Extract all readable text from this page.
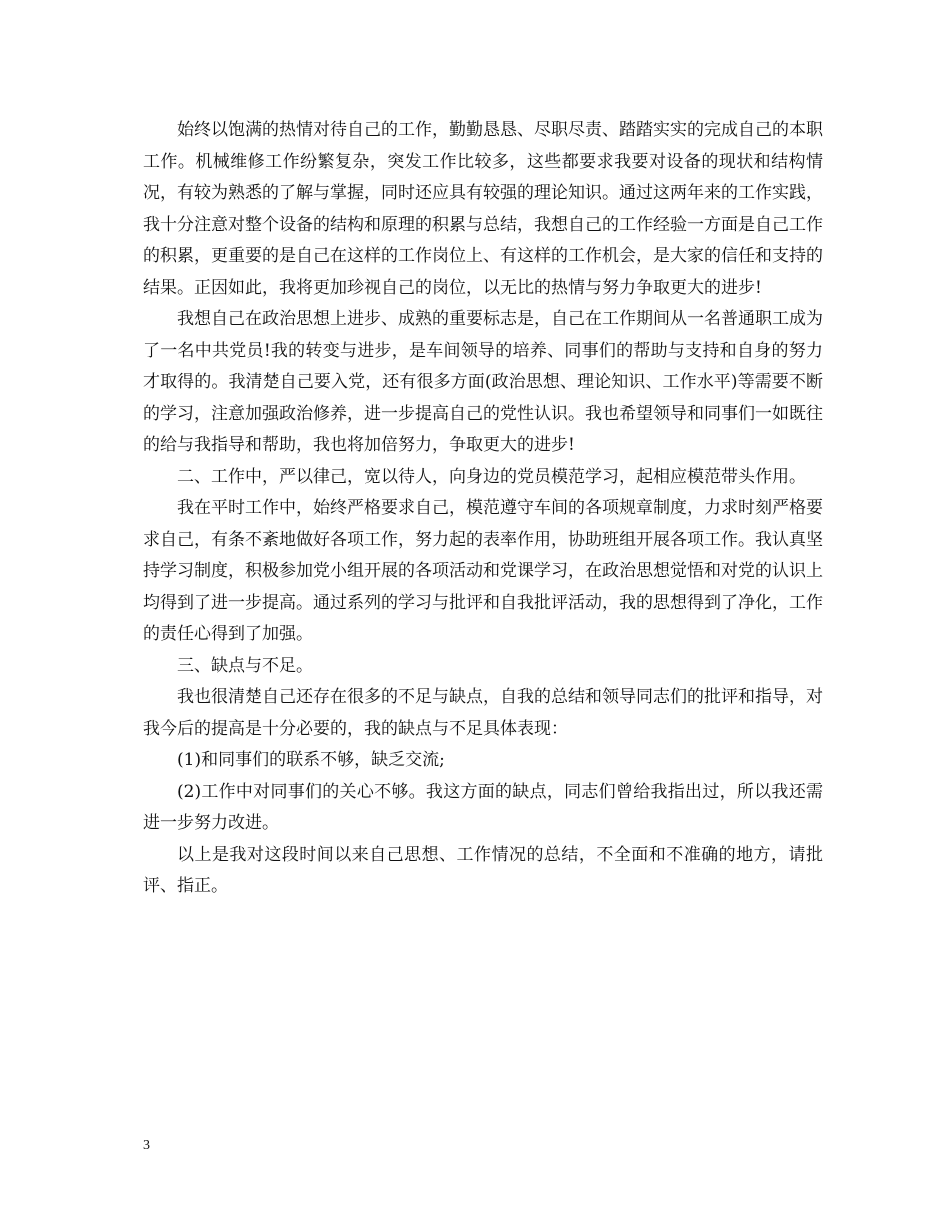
始终以饱满的热情对待自己的工作，勤勤恳恳、尽职尽责、踏踏实实的完成自己的本职工作。机械维修工作纷繁复杂，突发工作比较多，这些都要求我要对设备的现状和结构情况，有较为熟悉的了解与掌握，同时还应具有较强的理论知识。通过这两年来的工作实践，我十分注意对整个设备的结构和原理的积累与总结，我想自己的工作经验一方面是自己工作的积累，更重要的是自己在这样的工作岗位上、有这样的工作机会，是大家的信任和支持的结果。正因如此，我将更加珍视自己的岗位，以无比的热情与努力争取更大的进步!

我想自己在政治思想上进步、成熟的重要标志是，自己在工作期间从一名普通职工成为了一名中共党员!我的转变与进步，是车间领导的培养、同事们的帮助与支持和自身的努力才取得的。我清楚自己要入党，还有很多方面(政治思想、理论知识、工作水平)等需要不断的学习，注意加强政治修养，进一步提高自己的党性认识。我也希望领导和同事们一如既往的给与我指导和帮助，我也将加倍努力，争取更大的进步!

二、工作中，严以律己，宽以待人，向身边的党员模范学习，起相应模范带头作用。

我在平时工作中，始终严格要求自己，模范遵守车间的各项规章制度，力求时刻严格要求自己，有条不紊地做好各项工作，努力起的表率作用，协助班组开展各项工作。我认真坚持学习制度，积极参加党小组开展的各项活动和党课学习，在政治思想觉悟和对党的认识上均得到了进一步提高。通过系列的学习与批评和自我批评活动，我的思想得到了净化，工作的责任心得到了加强。

三、缺点与不足。

我也很清楚自己还存在很多的不足与缺点，自我的总结和领导同志们的批评和指导，对我今后的提高是十分必要的，我的缺点与不足具体表现：

(1)和同事们的联系不够，缺乏交流;

(2)工作中对同事们的关心不够。我这方面的缺点，同志们曾给我指出过，所以我还需进一步努力改进。

以上是我对这段时间以来自己思想、工作情况的总结，不全面和不准确的地方，请批评、指正。

3
